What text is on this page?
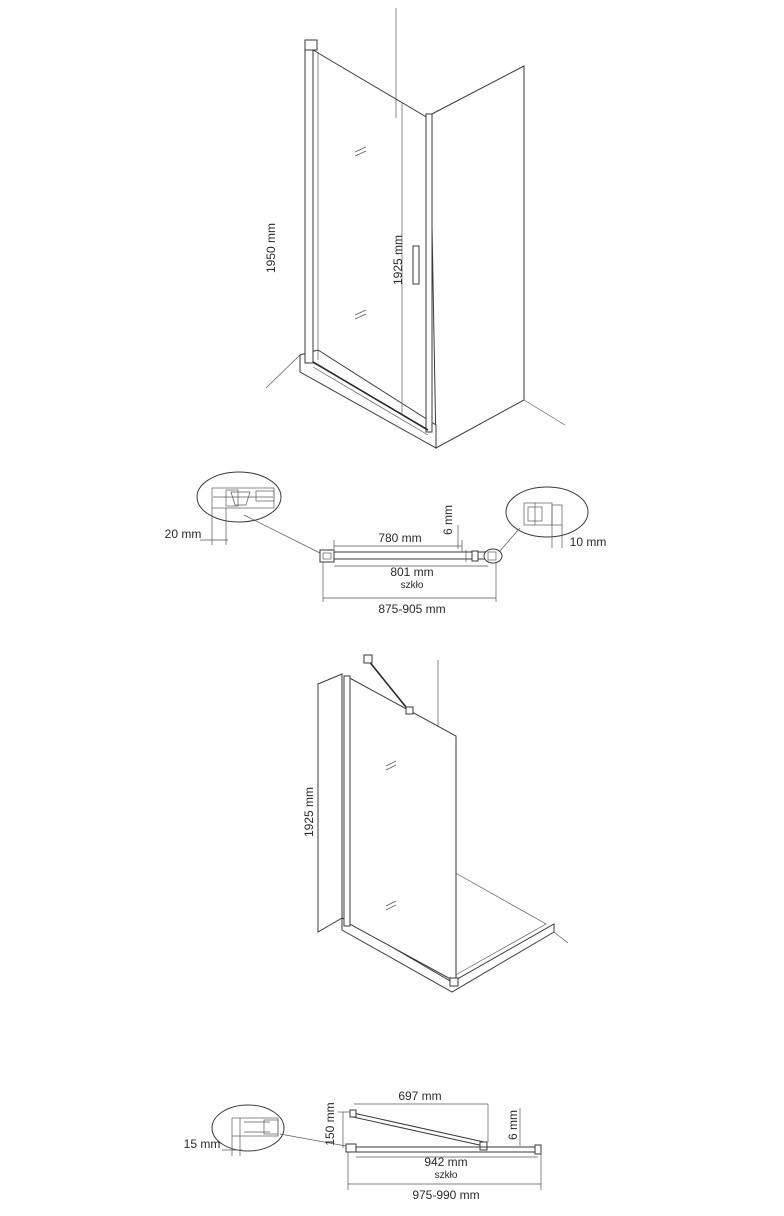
1950 mm	1925 mm
20 mm	780 mm
6 mm
801 mm
szkło
875-905 mm
10 mm
1925 mm
15 mm	150 mm
697 mm
6 mm
942 mm
szkło
975-990 mm
